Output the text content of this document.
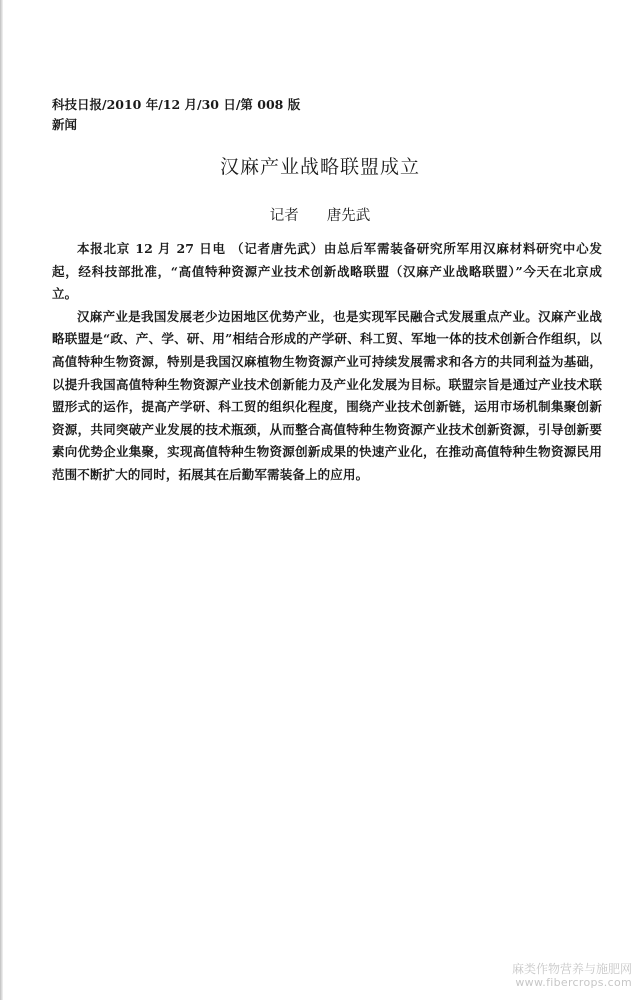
科技日报/2010 年/12 月/30 日/第 008 版
新闻
汉麻产业战略联盟成立
记者 唐先武

本报北京 12 月 27 日电 （记者唐先武）由总后军需装备研究所军用汉麻材料研究中心发起，经科技部批准，“高值特种资源产业技术创新战略联盟（汉麻产业战略联盟）”今天在北京成立。

汉麻产业是我国发展老少边困地区优势产业，也是实现军民融合式发展重点产业。汉麻产业战略联盟是“政、产、学、研、用”相结合形成的产学研、科工贸、军地一体的技术创新合作组织，以高值特种生物资源，特别是我国汉麻植物生物资源产业可持续发展需求和各方的共同利益为基础，以提升我国高值特种生物资源产业技术创新能力及产业化发展为目标。联盟宗旨是通过产业技术联盟形式的运作，提高产学研、科工贸的组织化程度，围绕产业技术创新链，运用市场机制集聚创新资源，共同突破产业发展的技术瓶颈，从而整合高值特种生物资源产业技术创新资源，引导创新要素向优势企业集聚，实现高值特种生物资源创新成果的快速产业化，在推动高值特种生物资源民用范围不断扩大的同时，拓展其在后勤军需装备上的应用。

麻类作物营养与施肥网
www.fibercrops.com
